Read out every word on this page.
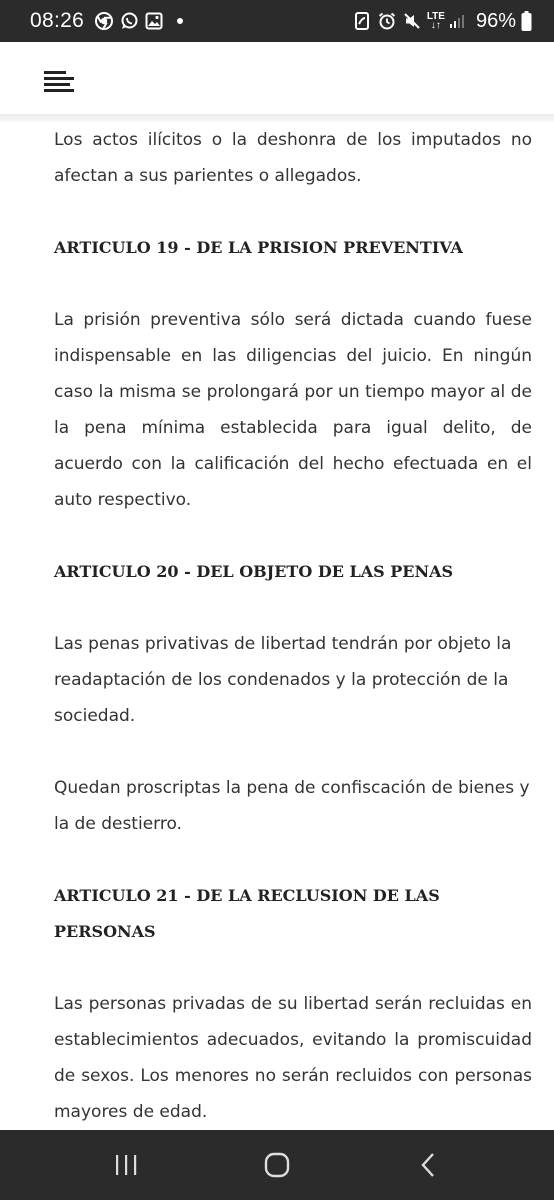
08:26	LTE
↓↑ 96%

Los actos ilícitos o la deshonra de los imputados no afectan a sus parientes o allegados.

ARTICULO 19 - DE LA PRISION PREVENTIVA

La prisión preventiva sólo será dictada cuando fuese indispensable en las diligencias del juicio. En ningún caso la misma se prolongará por un tiempo mayor al de la pena mínima establecida para igual delito, de acuerdo con la calificación del hecho efectuada en el auto respectivo.

ARTICULO 20 - DEL OBJETO DE LAS PENAS

Las penas privativas de libertad tendrán por objeto la readaptación de los condenados y la protección de la sociedad.

Quedan proscriptas la pena de confiscación de bienes y la de destierro.

ARTICULO 21 - DE LA RECLUSION DE LAS PERSONAS

Las personas privadas de su libertad serán recluidas en establecimientos adecuados, evitando la promiscuidad de sexos. Los menores no serán recluidos con personas mayores de edad.
